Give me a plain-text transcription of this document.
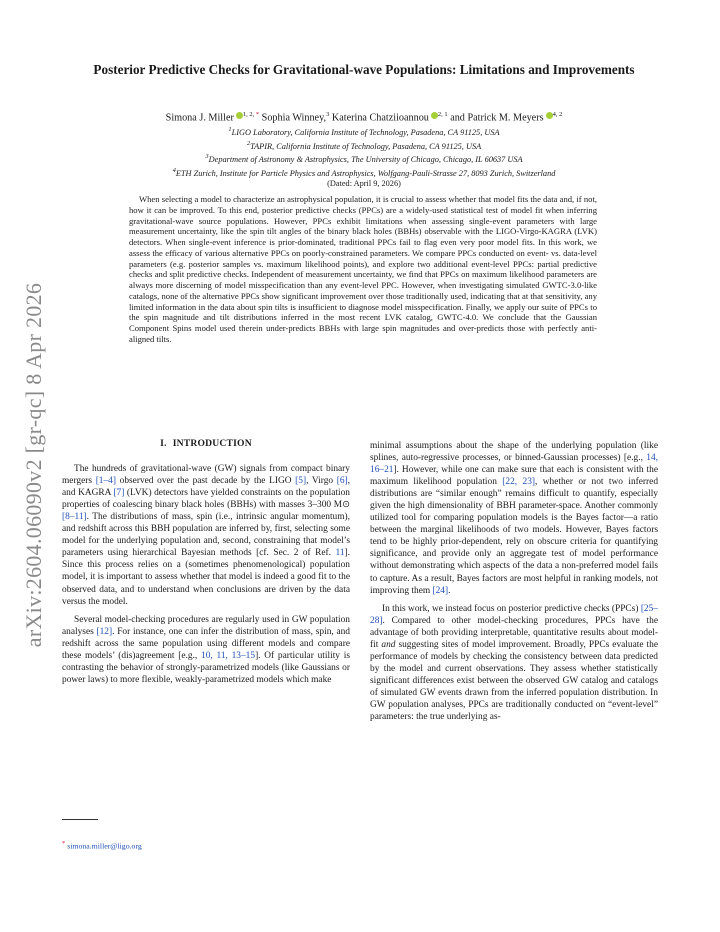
arXiv:2604.06090v2 [gr-qc] 8 Apr 2026
Posterior Predictive Checks for Gravitational-wave Populations: Limitations and Improvements
Simona J. Miller $^{1, 2, *}$ Sophia Winney,$^3$ Katerina Chatziioannou $^{2, 1}$ and Patrick M. Meyers $^{4, 2}$
$^1$LIGO Laboratory, California Institute of Technology, Pasadena, CA 91125, USA
$^2$TAPIR, California Institute of Technology, Pasadena, CA 91125, USA
$^3$Department of Astronomy & Astrophysics, The University of Chicago, Chicago, IL 60637 USA
$^4$ETH Zurich, Institute for Particle Physics and Astrophysics, Wolfgang-Pauli-Strasse 27, 8093 Zurich, Switzerland
(Dated: April 9, 2026)
When selecting a model to characterize an astrophysical population, it is crucial to assess whether that model fits the data and, if not, how it can be improved. To this end, posterior predictive checks (PPCs) are a widely-used statistical test of model fit when inferring gravitational-wave source populations. However, PPCs exhibit limitations when assessing single-event parameters with large measurement uncertainty, like the spin tilt angles of the binary black holes (BBHs) observable with the LIGO-Virgo-KAGRA (LVK) detectors. When single-event inference is prior-dominated, traditional PPCs fail to flag even very poor model fits. In this work, we assess the efficacy of various alternative PPCs on poorly-constrained parameters. We compare PPCs conducted on event- vs. data-level parameters (e.g. posterior samples vs. maximum likelihood points), and explore two additional event-level PPCs: partial predictive checks and split predictive checks. Independent of measurement uncertainty, we find that PPCs on maximum likelihood parameters are always more discerning of model misspecification than any event-level PPC. However, when investigating simulated GWTC-3.0-like catalogs, none of the alternative PPCs show significant improvement over those traditionally used, indicating that at that sensitivity, any limited information in the data about spin tilts is insufficient to diagnose model misspecification. Finally, we apply our suite of PPCs to the spin magnitude and tilt distributions inferred in the most recent LVK catalog, GWTC-4.0. We conclude that the Gaussian Component Spins model used therein under-predicts BBHs with large spin magnitudes and over-predicts those with perfectly anti-aligned tilts.
I. INTRODUCTION

The hundreds of gravitational-wave (GW) signals from compact binary mergers [1–4] observed over the past decade by the LIGO [5], Virgo [6], and KAGRA [7] (LVK) detectors have yielded constraints on the population properties of coalescing binary black holes (BBHs) with masses 3–300 M⊙ [8–11]. The distributions of mass, spin (i.e., intrinsic angular momentum), and redshift across this BBH population are inferred by, first, selecting some model for the underlying population and, second, constraining that model’s parameters using hierarchical Bayesian methods [cf. Sec. 2 of Ref. 11]. Since this process relies on a (sometimes phenomenological) population model, it is important to assess whether that model is indeed a good fit to the observed data, and to understand when conclusions are driven by the data versus the model.

Several model-checking procedures are regularly used in GW population analyses [12]. For instance, one can infer the distribution of mass, spin, and redshift across the same population using different models and compare these models’ (dis)agreement [e.g., 10, 11, 13–15]. Of particular utility is contrasting the behavior of strongly-parametrized models (like Gaussians or power laws) to more flexible, weakly-parametrized models which make

minimal assumptions about the shape of the underlying population (like splines, auto-regressive processes, or binned-Gaussian processes) [e.g., 14, 16–21]. However, while one can make sure that each is consistent with the maximum likelihood population [22, 23], whether or not two inferred distributions are “similar enough” remains difficult to quantify, especially given the high dimensionality of BBH parameter-space. Another commonly utilized tool for comparing population models is the Bayes factor—a ratio between the marginal likelihoods of two models. However, Bayes factors tend to be highly prior-dependent, rely on obscure criteria for quantifying significance, and provide only an aggregate test of model performance without demonstrating which aspects of the data a non-preferred model fails to capture. As a result, Bayes factors are most helpful in ranking models, not improving them [24].

In this work, we instead focus on posterior predictive checks (PPCs) [25–28]. Compared to other model-checking procedures, PPCs have the advantage of both providing interpretable, quantitative results about model-fit and suggesting sites of model improvement. Broadly, PPCs evaluate the performance of models by checking the consistency between data predicted by the model and current observations. They assess whether statistically significant differences exist between the observed GW catalog and catalogs of simulated GW events drawn from the inferred population distribution. In GW population analyses, PPCs are traditionally conducted on “event-level” parameters: the true underlying as-

* simona.miller@ligo.org
